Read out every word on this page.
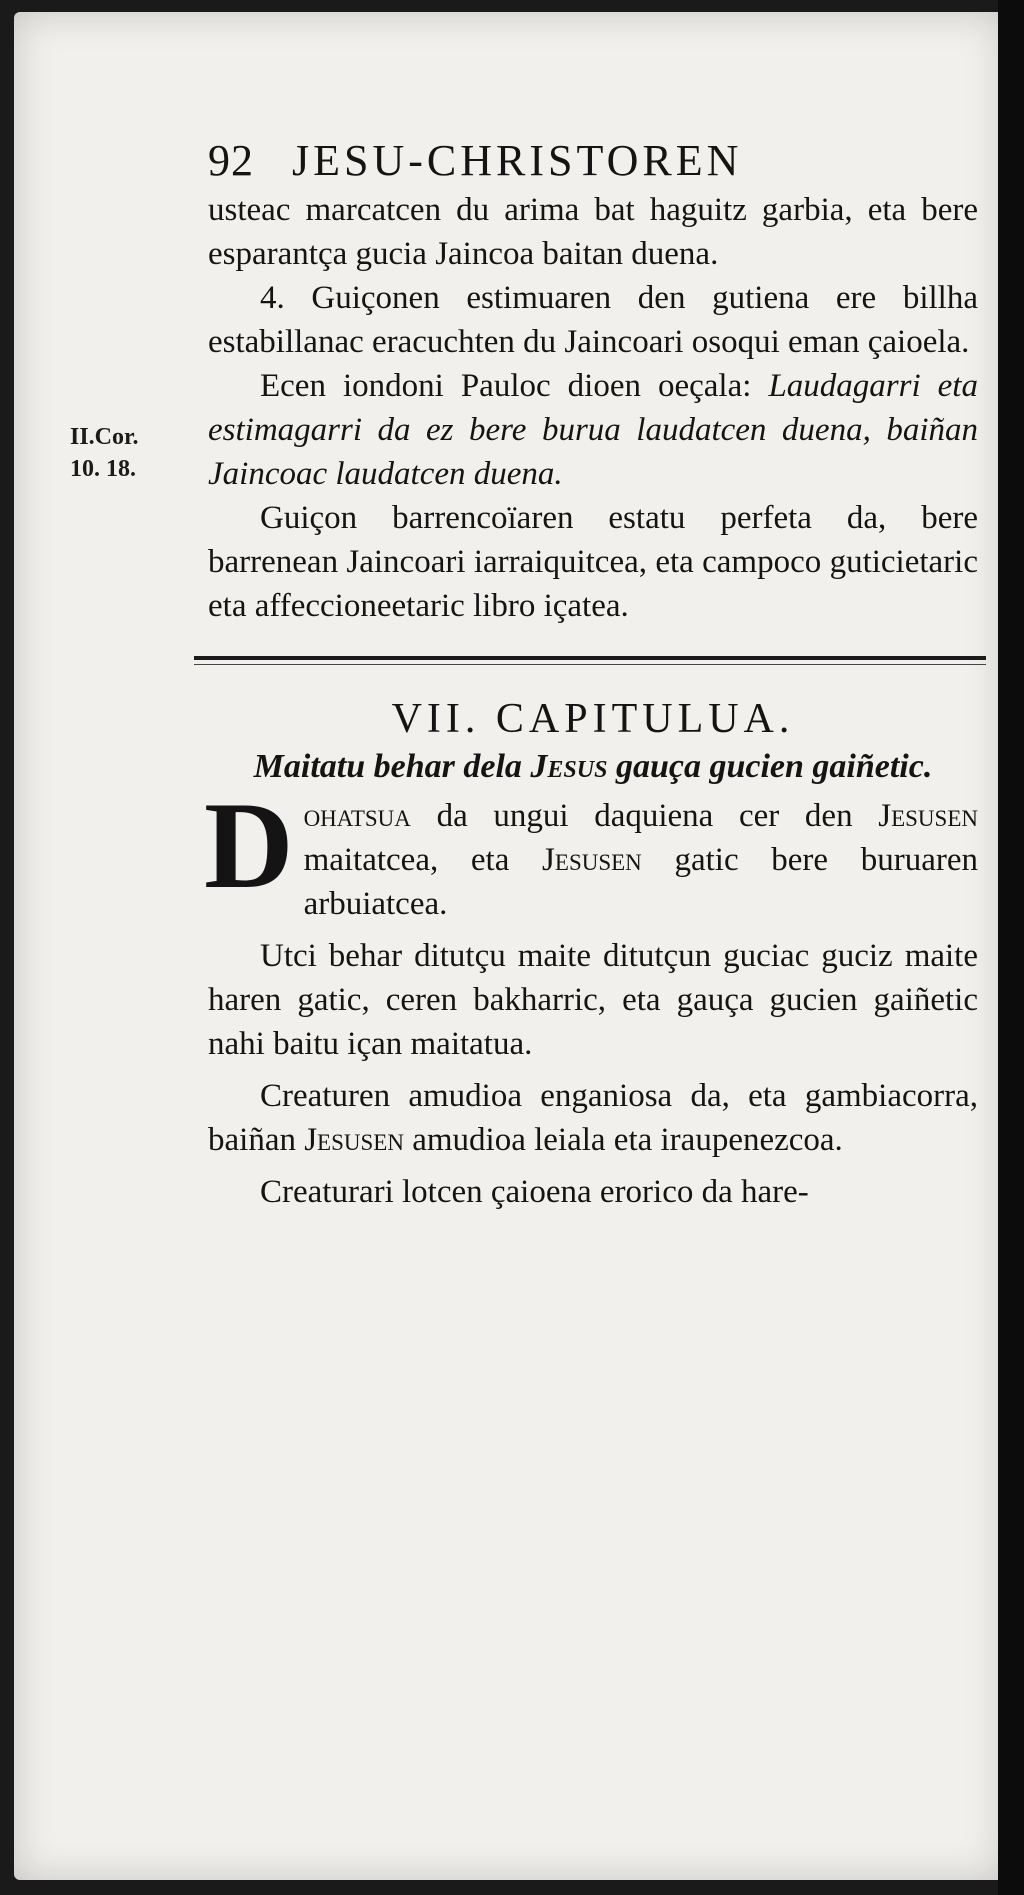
II.Cor.
10. 18.
92 JESU-CHRISTOREN

usteac marcatcen du arima bat haguitz garbia, eta bere esparantça gucia Jaincoa baitan duena.

4. Guiçonen estimuaren den gutiena ere billha estabillanac eracuchten du Jaincoari osoqui eman çaioela.

Ecen iondoni Pauloc dioen oeçala: Laudagarri eta estimagarri da ez bere burua laudatcen duena, baiñan Jaincoac laudatcen duena.

Guiçon barrencoïaren estatu perfeta da, bere barrenean Jaincoari iarraiquitcea, eta campoco guticietaric eta affeccioneetaric libro içatea.

VII. CAPITULUA.
Maitatu behar dela Jesus gauça gucien gaiñetic.

Dohatsua da ungui daquiena cer den Jesusen maitatcea, eta Jesusen gatic bere buruaren arbuiatcea.

Utci behar ditutçu maite ditutçun guciac guciz maite haren gatic, ceren bakharric, eta gauça gucien gaiñetic nahi baitu içan maitatua.

Creaturen amudioa enganiosa da, eta gambiacorra, baiñan Jesusen amudioa leiala eta iraupenezcoa.

Creaturari lotcen çaioena erorico da hare-
